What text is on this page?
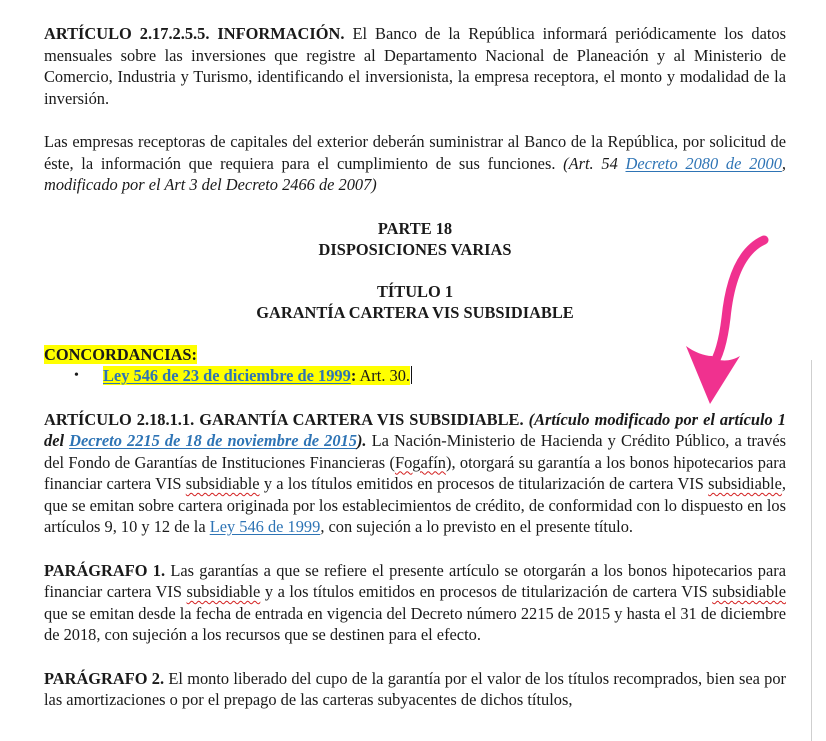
ARTÍCULO 2.17.2.5.5. INFORMACIÓN. El Banco de la República informará periódicamente los datos mensuales sobre las inversiones que registre al Departamento Nacional de Planeación y al Ministerio de Comercio, Industria y Turismo, identificando el inversionista, la empresa receptora, el monto y modalidad de la inversión.

Las empresas receptoras de capitales del exterior deberán suministrar al Banco de la República, por solicitud de éste, la información que requiera para el cumplimiento de sus funciones. (Art. 54 Decreto 2080 de 2000, modificado por el Art 3 del Decreto 2466 de 2007)

PARTE 18

DISPOSICIONES VARIAS

TÍTULO 1

GARANTÍA CARTERA VIS SUBSIDIABLE

CONCORDANCIAS:

• Ley 546 de 23 de diciembre de 1999: Art. 30.

ARTÍCULO 2.18.1.1. GARANTÍA CARTERA VIS SUBSIDIABLE. (Artículo modificado por el artículo 1 del Decreto 2215 de 18 de noviembre de 2015). La Nación-Ministerio de Hacienda y Crédito Público, a través del Fondo de Garantías de Instituciones Financieras (Fogafín), otorgará su garantía a los bonos hipotecarios para financiar cartera VIS subsidiable y a los títulos emitidos en procesos de titularización de cartera VIS subsidiable, que se emitan sobre cartera originada por los establecimientos de crédito, de conformidad con lo dispuesto en los artículos 9, 10 y 12 de la Ley 546 de 1999, con sujeción a lo previsto en el presente título.

PARÁGRAFO 1. Las garantías a que se refiere el presente artículo se otorgarán a los bonos hipotecarios para financiar cartera VIS subsidiable y a los títulos emitidos en procesos de titularización de cartera VIS subsidiable que se emitan desde la fecha de entrada en vigencia del Decreto número 2215 de 2015 y hasta el 31 de diciembre de 2018, con sujeción a los recursos que se destinen para el efecto.

PARÁGRAFO 2. El monto liberado del cupo de la garantía por el valor de los títulos recomprados, bien sea por las amortizaciones o por el prepago de las carteras subyacentes de dichos títulos,
